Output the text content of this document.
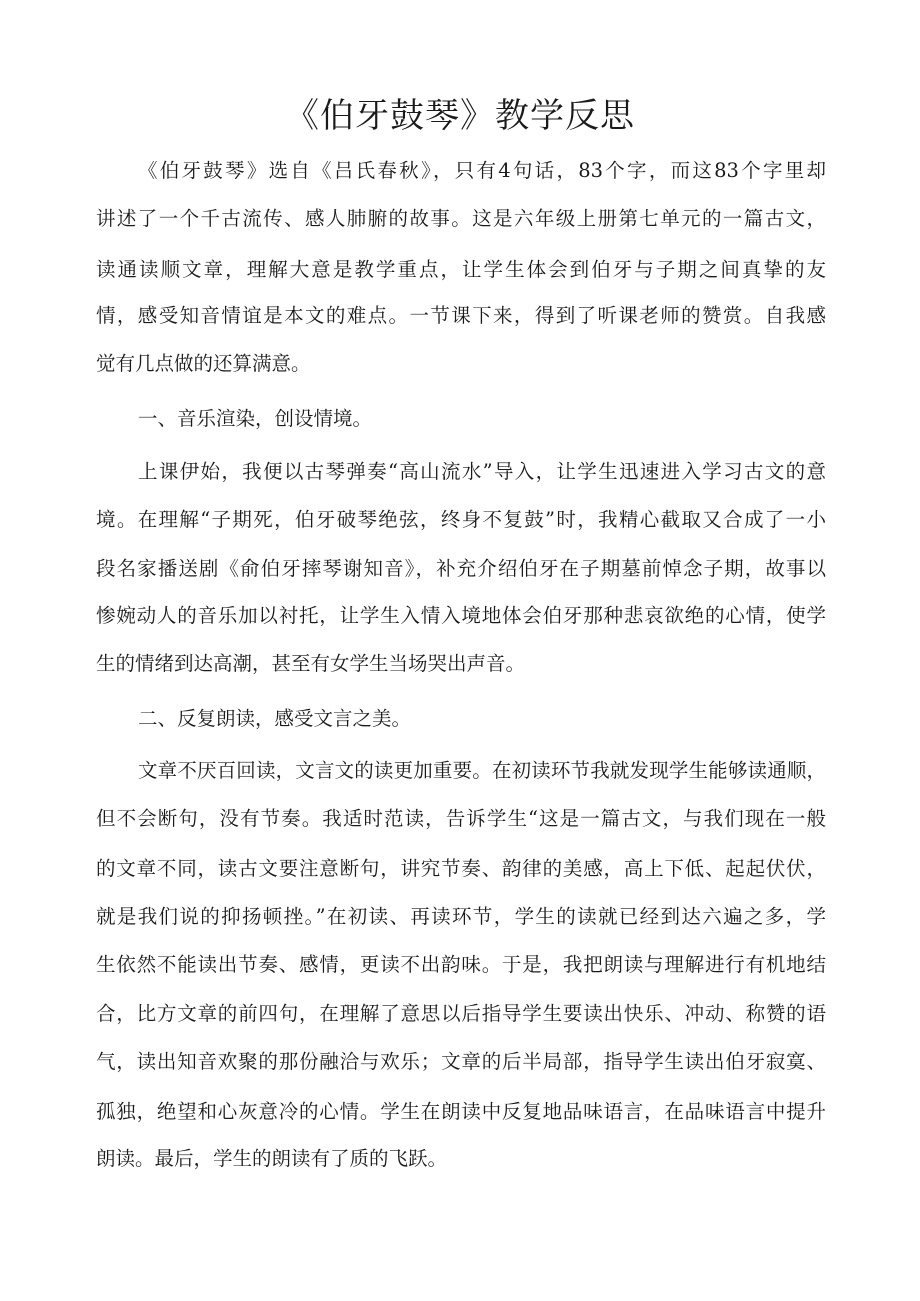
《伯牙鼓琴》教学反思

《伯牙鼓琴》选自《吕氏春秋》，只有4句话，83个字，而这83个字里却

讲述了一个千古流传、感人肺腑的故事。这是六年级上册第七单元的一篇古文，

读通读顺文章，理解大意是教学重点，让学生体会到伯牙与子期之间真挚的友

情，感受知音情谊是本文的难点。一节课下来，得到了听课老师的赞赏。自我感

觉有几点做的还算满意。

一、音乐渲染，创设情境。

上课伊始，我便以古琴弹奏“高山流水”导入，让学生迅速进入学习古文的意

境。在理解“子期死，伯牙破琴绝弦，终身不复鼓”时，我精心截取又合成了一小

段名家播送剧《俞伯牙摔琴谢知音》，补充介绍伯牙在子期墓前悼念子期，故事以

惨婉动人的音乐加以衬托，让学生入情入境地体会伯牙那种悲哀欲绝的心情，使学

生的情绪到达高潮，甚至有女学生当场哭出声音。

二、反复朗读，感受文言之美。

文章不厌百回读，文言文的读更加重要。在初读环节我就发现学生能够读通顺，

但不会断句，没有节奏。我适时范读，告诉学生“这是一篇古文，与我们现在一般

的文章不同，读古文要注意断句，讲究节奏、韵律的美感，高上下低、起起伏伏，

就是我们说的抑扬顿挫。”在初读、再读环节，学生的读就已经到达六遍之多，学

生依然不能读出节奏、感情，更读不出韵味。于是，我把朗读与理解进行有机地结

合，比方文章的前四句，在理解了意思以后指导学生要读出快乐、冲动、称赞的语

气，读出知音欢聚的那份融洽与欢乐；文章的后半局部，指导学生读出伯牙寂寞、

孤独，绝望和心灰意冷的心情。学生在朗读中反复地品味语言，在品味语言中提升

朗读。最后，学生的朗读有了质的飞跃。
